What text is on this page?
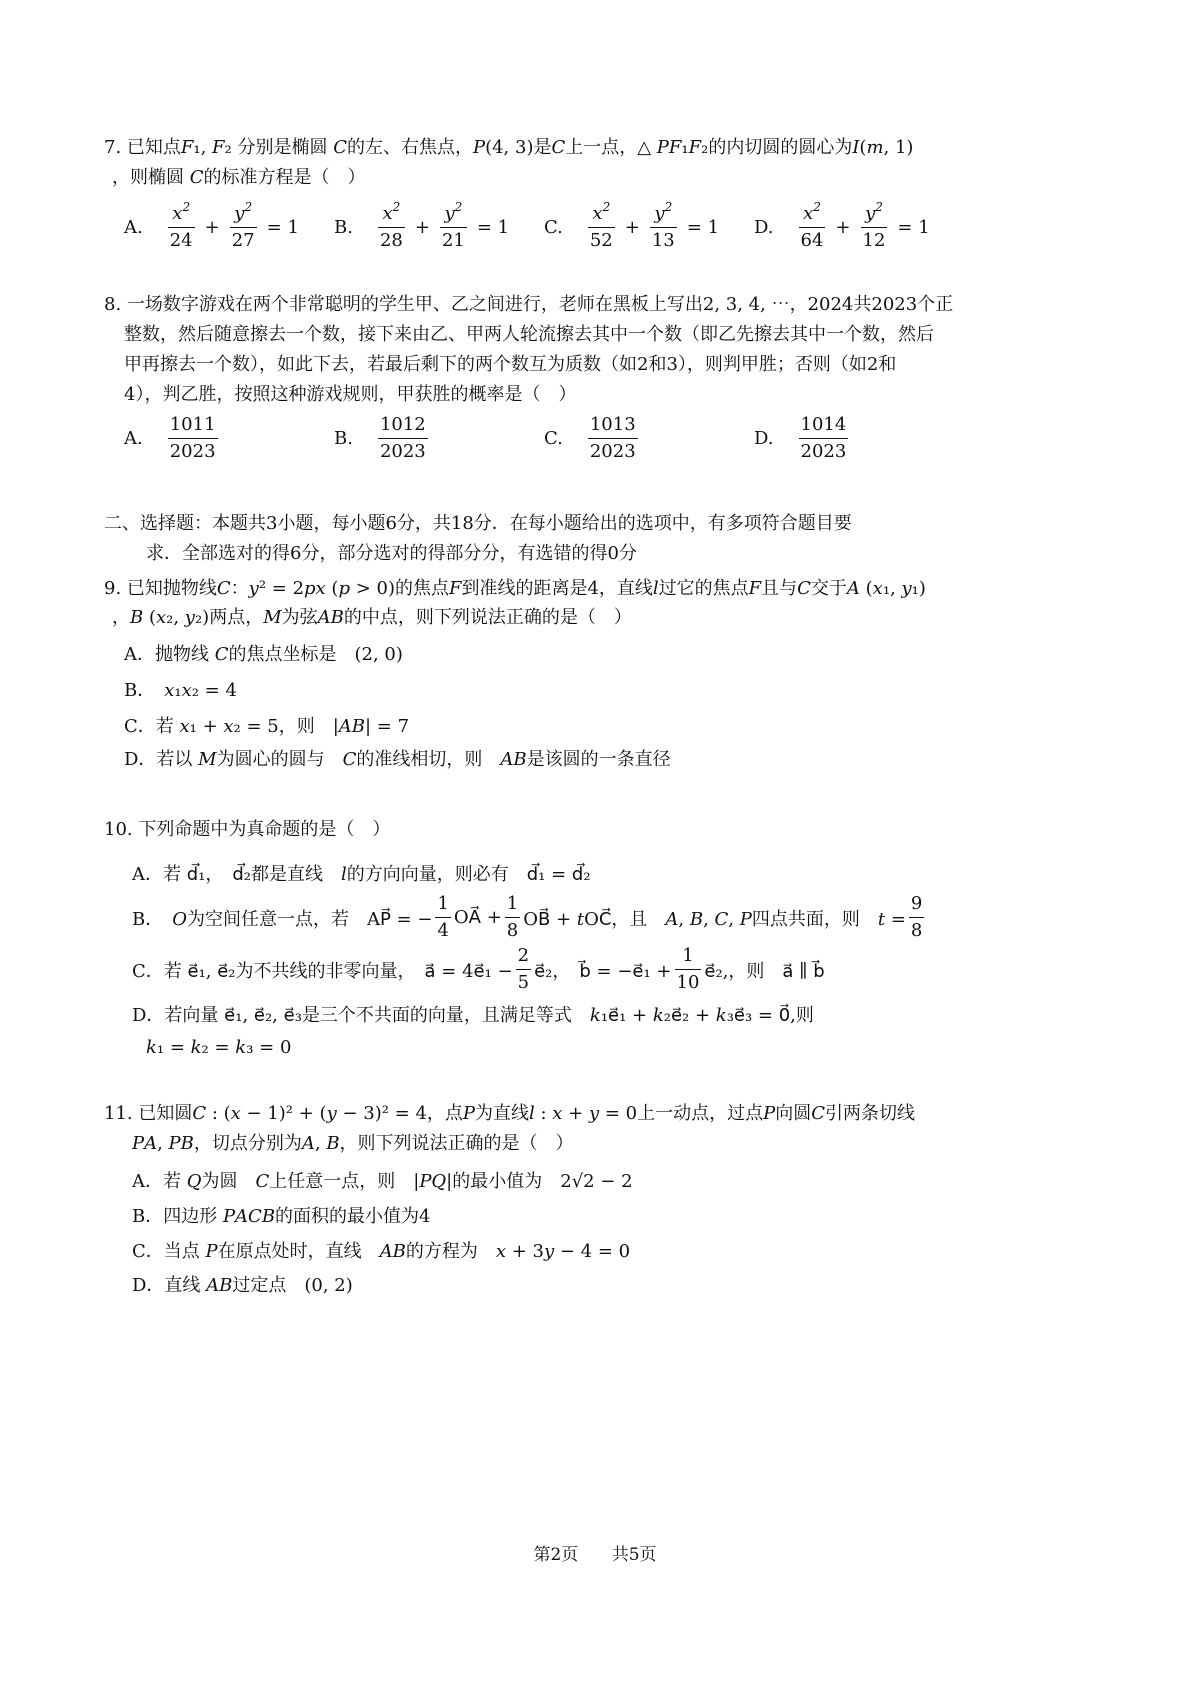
7. 已知点𝐹₁, 𝐹₂ 分别是椭圆 𝐶的左、右焦点，𝑃(4, 3)是𝐶上一点，△ 𝑃𝐹₁𝐹₂的内切圆的圆心为𝐼(𝑚, 1)
，则椭圆 𝐶的标准方程是（　）
A. $\frac{x^2}{24} + \frac{y^2}{27} = 1$ B. $\frac{x^2}{28} + \frac{y^2}{21} = 1$ C. $\frac{x^2}{52} + \frac{y^2}{13} = 1$ D. $\frac{x^2}{64} + \frac{y^2}{12} = 1$
8. 一场数字游戏在两个非常聪明的学生甲、乙之间进行，老师在黑板上写出2, 3, 4, ⋯，2024共2023个正
整数，然后随意擦去一个数，接下来由乙、甲两人轮流擦去其中一个数（即乙先擦去其中一个数，然后
甲再擦去一个数），如此下去，若最后剩下的两个数互为质数（如2和3），则判甲胜；否则（如2和
4），判乙胜，按照这种游戏规则，甲获胜的概率是（　）
A. $\frac{1011}{2023}$	B. $\frac{1012}{2023}$	C. $\frac{1013}{2023}$	D. $\frac{1014}{2023}$
二、选择题：本题共3小题，每小题6分，共18分．在每小题给出的选项中，有多项符合题目要
求．全部选对的得6分，部分选对的得部分分，有选错的得0分
9. 已知抛物线𝐶：𝑦² = 2𝑝𝑥 (𝑝 > 0)的焦点𝐹到准线的距离是4，直线𝑙过它的焦点𝐹且与𝐶交于𝐴 (𝑥₁, 𝑦₁)
，𝐵 (𝑥₂, 𝑦₂)两点，𝑀为弦𝐴𝐵的中点，则下列说法正确的是（　）
A．抛物线 𝐶的焦点坐标是　(2, 0)
B．　𝑥₁𝑥₂ = 4
C．若 𝑥₁ + 𝑥₂ = 5，则　|𝐴𝐵| = 7
D．若以 𝑀为圆心的圆与　𝐶的准线相切，则　𝐴𝐵是该圆的一条直径
10. 下列命题中为真命题的是（　）
A．若 d⃗₁，　d⃗₂都是直线　𝑙的方向向量，则必有　d⃗₁ = d⃗₂
B．　𝑂为空间任意一点，若　AP⃗ = − $\frac{1}{4}$ OA⃗ + $\frac{1}{8}$ OB⃗ + 𝑡OC⃗，且　𝐴, 𝐵, 𝐶, 𝑃四点共面，则　𝑡 = $\frac{9}{8}$
C．若 e⃗₁, e⃗₂为不共线的非零向量，　a⃗ = 4e⃗₁ − $\frac{2}{5}$ e⃗₂，　b⃗ = −e⃗₁ + $\frac{1}{10}$ e⃗₂,，则　a⃗ ∥ b⃗
D．若向量 e⃗₁, e⃗₂, e⃗₃是三个不共面的向量，且满足等式　𝑘₁e⃗₁ + 𝑘₂e⃗₂ + 𝑘₃e⃗₃ = 0⃗,则
𝑘₁ = 𝑘₂ = 𝑘₃ = 0
11. 已知圆𝐶 : (𝑥 − 1)² + (𝑦 − 3)² = 4，点𝑃为直线𝑙 : 𝑥 + 𝑦 = 0上一动点，过点𝑃向圆𝐶引两条切线
𝑃𝐴, 𝑃𝐵，切点分别为𝐴, 𝐵，则下列说法正确的是（　）
A．若 𝑄为圆　𝐶上任意一点，则　|𝑃𝑄|的最小值为　2√2 − 2
B．四边形 𝑃𝐴𝐶𝐵的面积的最小值为4
C．当点 𝑃在原点处时，直线　𝐴𝐵的方程为　𝑥 + 3𝑦 − 4 = 0
D．直线 𝐴𝐵过定点　(0, 2)
第2页 共5页
